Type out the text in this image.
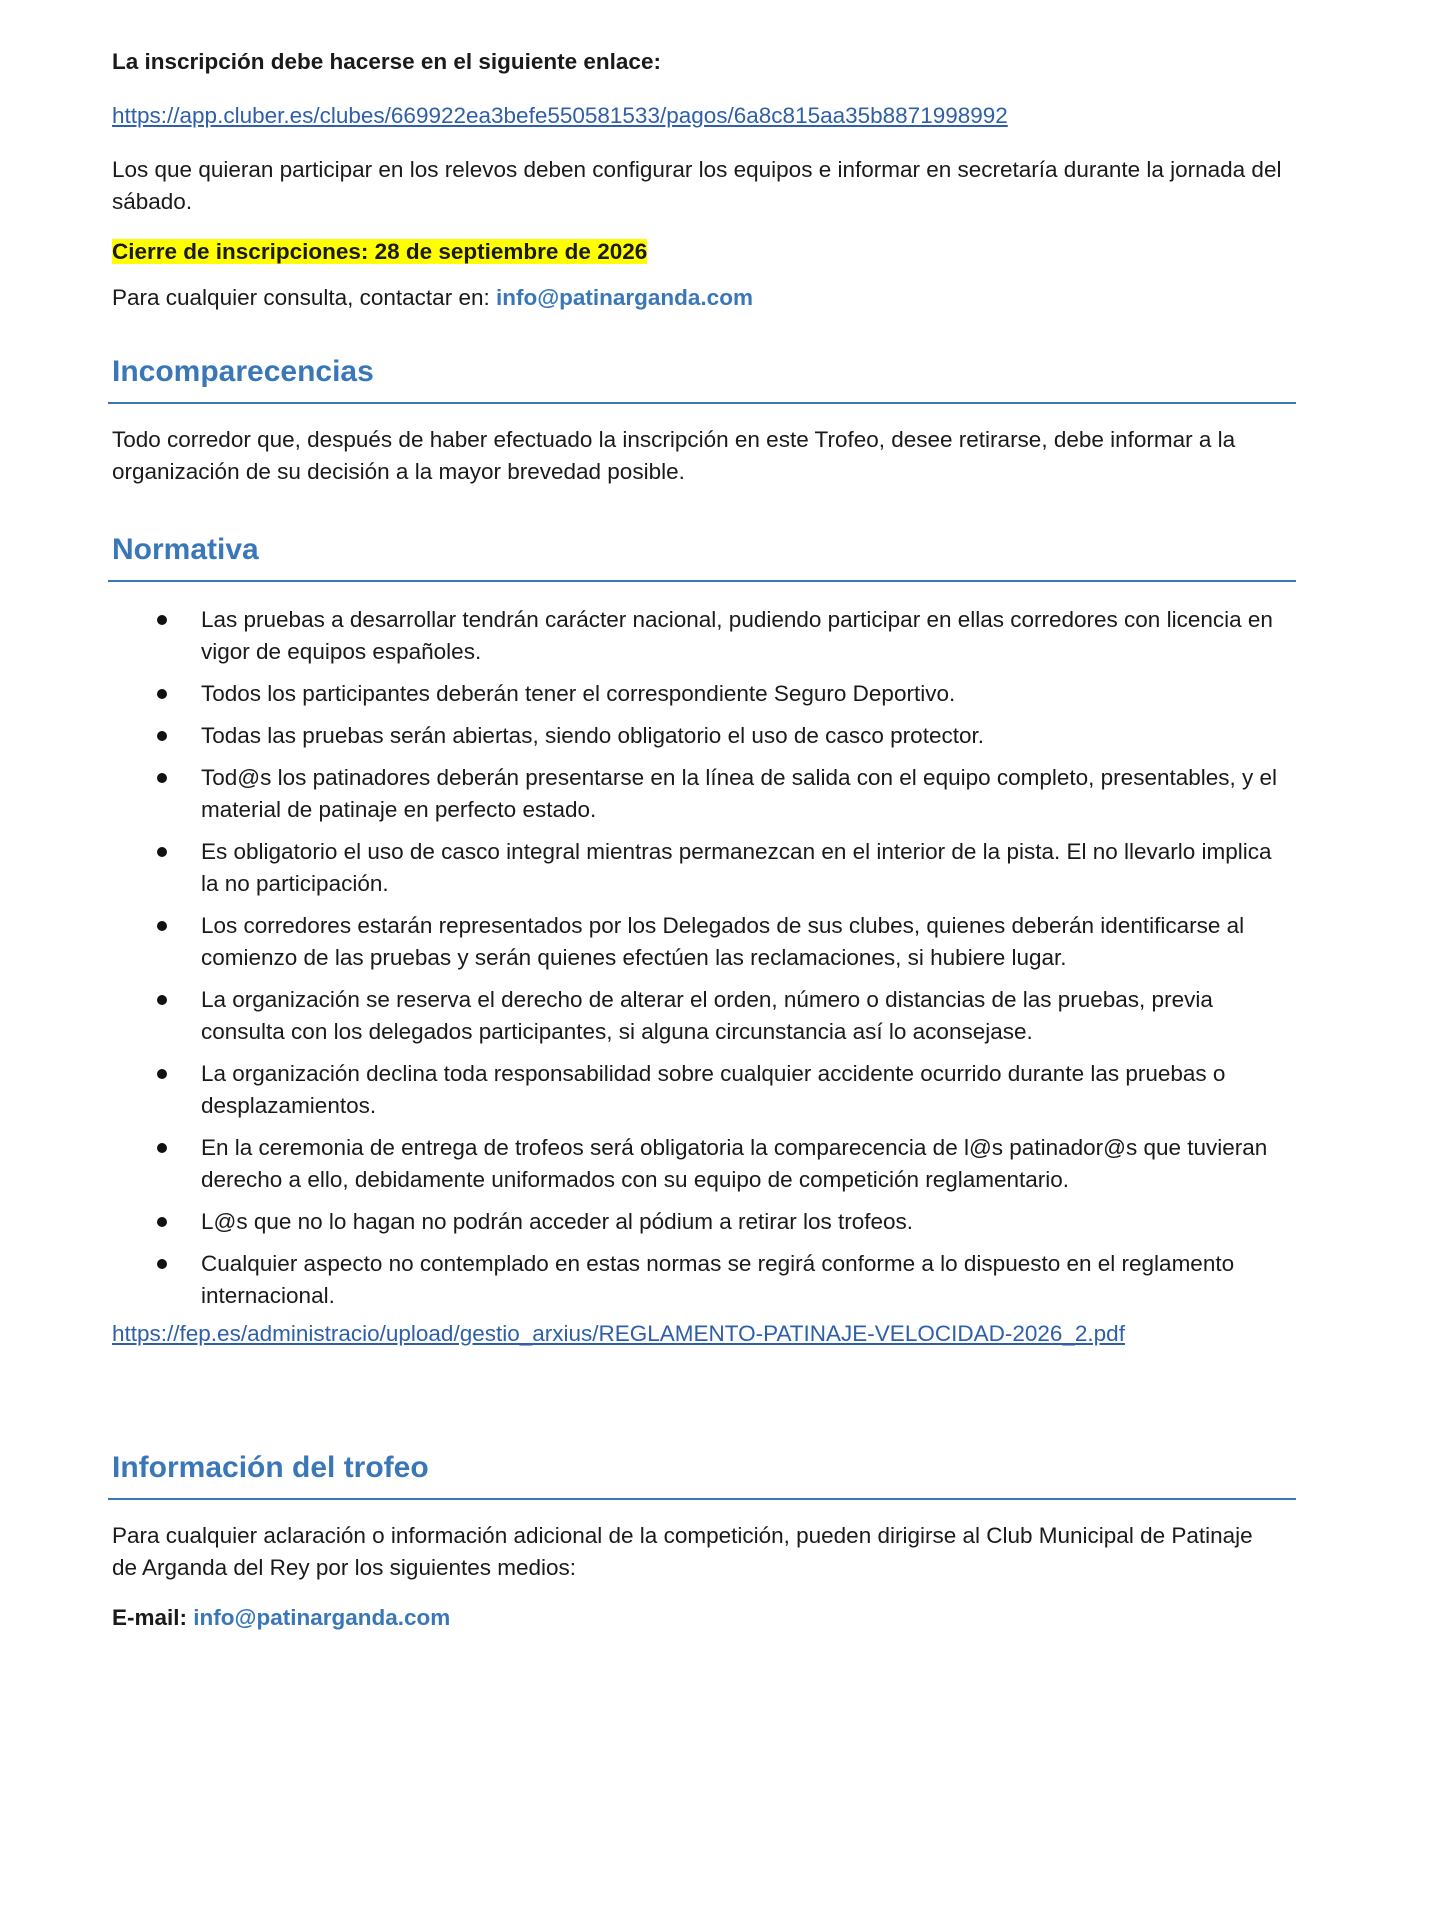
La inscripción debe hacerse en el siguiente enlace:

https://app.cluber.es/clubes/669922ea3befe550581533/pagos/6a8c815aa35b8871998992

Los que quieran participar en los relevos deben configurar los equipos e informar en secretaría durante la jornada del sábado.

Cierre de inscripciones: 28 de septiembre de 2026

Para cualquier consulta, contactar en: info@patinarganda.com

Incomparecencias

Todo corredor que, después de haber efectuado la inscripción en este Trofeo, desee retirarse, debe informar a la organización de su decisión a la mayor brevedad posible.

Normativa
Las pruebas a desarrollar tendrán carácter nacional, pudiendo participar en ellas corredores con licencia en vigor de equipos españoles.
Todos los participantes deberán tener el correspondiente Seguro Deportivo.
Todas las pruebas serán abiertas, siendo obligatorio el uso de casco protector.
Tod@s los patinadores deberán presentarse en la línea de salida con el equipo completo, presentables, y el material de patinaje en perfecto estado.
Es obligatorio el uso de casco integral mientras permanezcan en el interior de la pista. El no llevarlo implica la no participación.
Los corredores estarán representados por los Delegados de sus clubes, quienes deberán identificarse al comienzo de las pruebas y serán quienes efectúen las reclamaciones, si hubiere lugar.
La organización se reserva el derecho de alterar el orden, número o distancias de las pruebas, previa consulta con los delegados participantes, si alguna circunstancia así lo aconsejase.
La organización declina toda responsabilidad sobre cualquier accidente ocurrido durante las pruebas o desplazamientos.
En la ceremonia de entrega de trofeos será obligatoria la comparecencia de l@s patinador@s que tuvieran derecho a ello, debidamente uniformados con su equipo de competición reglamentario.
L@s que no lo hagan no podrán acceder al pódium a retirar los trofeos.
Cualquier aspecto no contemplado en estas normas se regirá conforme a lo dispuesto en el reglamento internacional.

https://fep.es/administracio/upload/gestio_arxius/REGLAMENTO-PATINAJE-VELOCIDAD-2026_2.pdf

Información del trofeo

Para cualquier aclaración o información adicional de la competición, pueden dirigirse al Club Municipal de Patinaje de Arganda del Rey por los siguientes medios:

E-mail: info@patinarganda.com
